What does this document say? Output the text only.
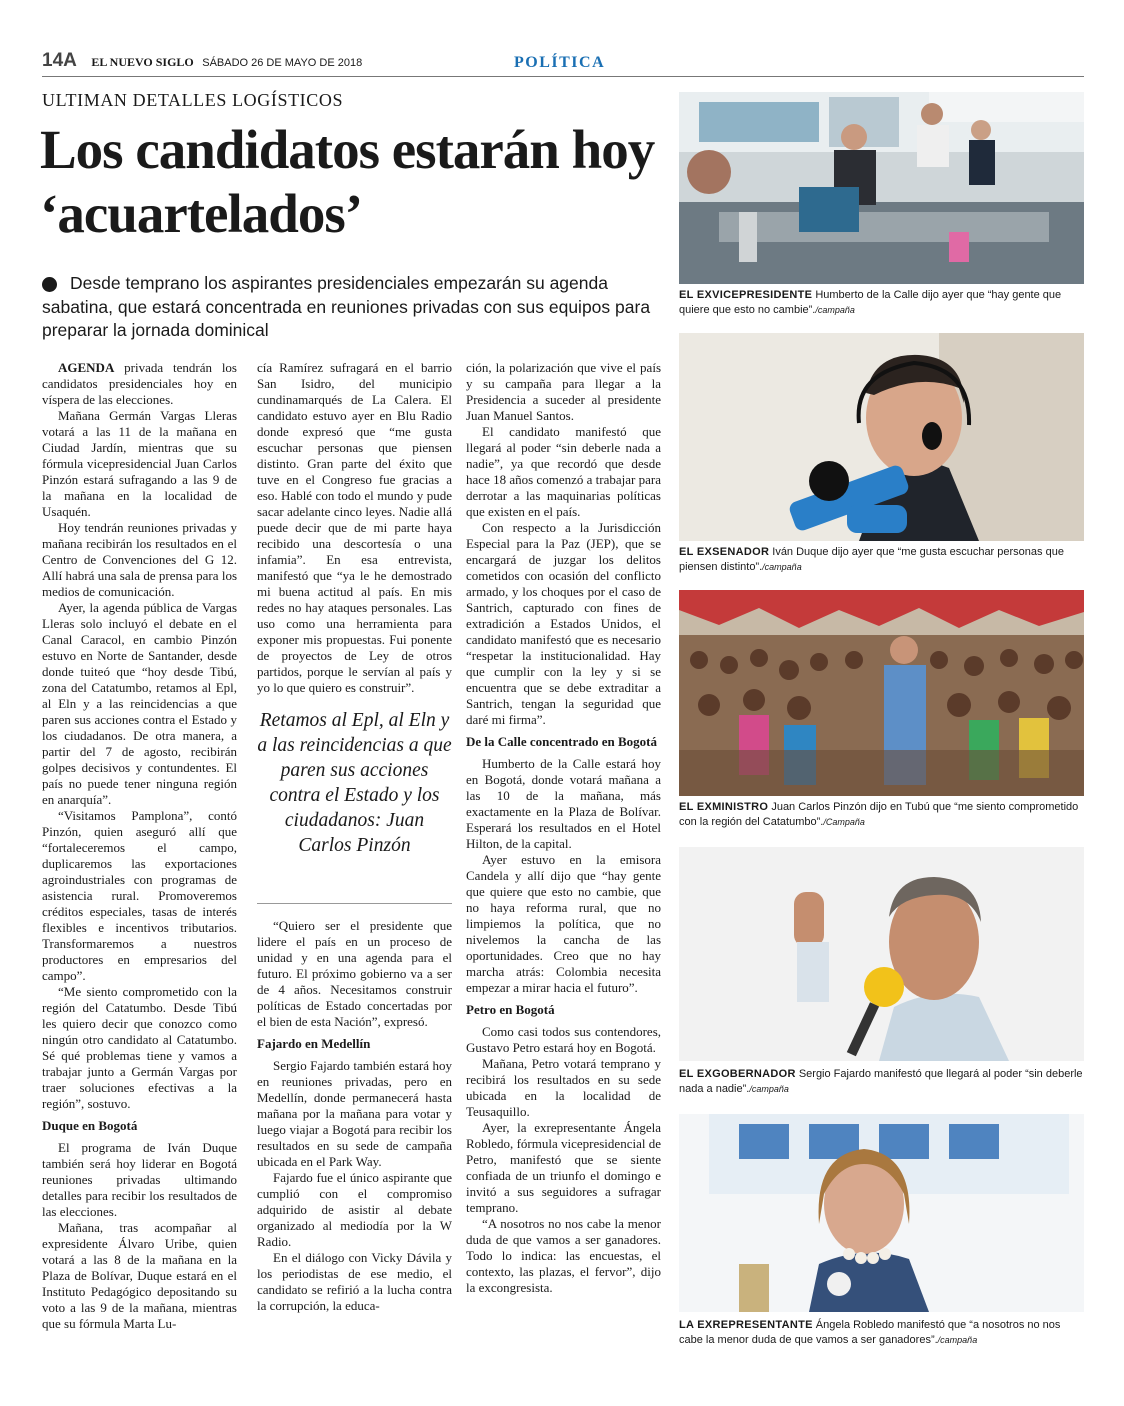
14A EL NUEVO SIGLO SÁBADO 26 DE MAYO DE 2018	POLÍTICA
ULTIMAN DETALLES LOGÍSTICOS
Los candidatos estarán hoy ‘acuartelados’

Desde temprano los aspirantes presidenciales empezarán su agenda sabatina, que estará concentrada en reuniones privadas con sus equipos para preparar la jornada dominical

AGENDA privada tendrán los candidatos presidenciales hoy en víspera de las elecciones.

Mañana Germán Vargas Lleras votará a las 11 de la mañana en Ciudad Jardín, mientras que su fórmula vicepresidencial Juan Carlos Pinzón estará sufragando a las 9 de la mañana en la localidad de Usaquén.

Hoy tendrán reuniones privadas y mañana recibirán los resultados en el Centro de Convenciones del G 12. Allí habrá una sala de prensa para los medios de comunicación.

Ayer, la agenda pública de Vargas Lleras solo incluyó el debate en el Canal Caracol, en cambio Pinzón estuvo en Norte de Santander, desde donde tuiteó que “hoy desde Tibú, zona del Catatumbo, retamos al Epl, al Eln y a las reincidencias a que paren sus acciones contra el Estado y los ciudadanos. De otra manera, a partir del 7 de agosto, recibirán golpes decisivos y contundentes. El país no puede tener ninguna región en anarquía”.

“Visitamos Pamplona”, contó Pinzón, quien aseguró allí que “fortaleceremos el campo, duplicaremos las exportaciones agroindustriales con programas de asistencia rural. Promoveremos créditos especiales, tasas de interés flexibles e incentivos tributarios. Transformaremos a nuestros productores en empresarios del campo”.

“Me siento comprometido con la región del Catatumbo. Desde Tibú les quiero decir que conozco como ningún otro candidato al Catatumbo. Sé qué problemas tiene y vamos a trabajar junto a Germán Vargas por traer soluciones efectivas a la región”, sostuvo.

Duque en Bogotá

El programa de Iván Duque también será hoy liderar en Bogotá reuniones privadas ultimando detalles para recibir los resultados de las elecciones.

Mañana, tras acompañar al expresidente Álvaro Uribe, quien votará a las 8 de la mañana en la Plaza de Bolívar, Duque estará en el Instituto Pedagógico depositando su voto a las 9 de la mañana, mientras que su fórmula Marta Lu-

cía Ramírez sufragará en el barrio San Isidro, del municipio cundinamarqués de La Calera. El candidato estuvo ayer en Blu Radio donde expresó que “me gusta escuchar personas que piensen distinto. Gran parte del éxito que tuve en el Congreso fue gracias a eso. Hablé con todo el mundo y pude sacar adelante cinco leyes. Nadie allá puede decir que de mi parte haya recibido una descortesía o una infamia”. En esa entrevista, manifestó que “ya le he demostrado mi buena actitud al país. En mis redes no hay ataques personales. Las uso como una herramienta para exponer mis propuestas. Fui ponente de proyectos de Ley de otros partidos, porque le servían al país y yo lo que quiero es construir”.

Retamos al Epl, al Eln y a las reincidencias a que paren sus acciones contra el Estado y los ciudadanos: Juan Carlos Pinzón

“Quiero ser el presidente que lidere el país en un proceso de unidad y en una agenda para el futuro. El próximo gobierno va a ser de 4 años. Necesitamos construir políticas de Estado concertadas por el bien de esta Nación”, expresó.

Fajardo en Medellín

Sergio Fajardo también estará hoy en reuniones privadas, pero en Medellín, donde permanecerá hasta mañana por la mañana para votar y luego viajar a Bogotá para recibir los resultados en su sede de campaña ubicada en el Park Way.

Fajardo fue el único aspirante que cumplió con el compromiso adquirido de asistir al debate organizado al mediodía por la W Radio.

En el diálogo con Vicky Dávila y los periodistas de ese medio, el candidato se refirió a la lucha contra la corrupción, la educa-

ción, la polarización que vive el país y su campaña para llegar a la Presidencia a suceder al presidente Juan Manuel Santos.

El candidato manifestó que llegará al poder “sin deberle nada a nadie”, ya que recordó que desde hace 18 años comenzó a trabajar para derrotar a las maquinarias políticas que existen en el país.

Con respecto a la Jurisdicción Especial para la Paz (JEP), que se encargará de juzgar los delitos cometidos con ocasión del conflicto armado, y los choques por el caso de Santrich, capturado con fines de extradición a Estados Unidos, el candidato manifestó que es necesario “respetar la institucionalidad. Hay que cumplir con la ley y si se encuentra que se debe extraditar a Santrich, tengan la seguridad que daré mi firma”.

De la Calle concentrado en Bogotá

Humberto de la Calle estará hoy en Bogotá, donde votará mañana a las 10 de la mañana, más exactamente en la Plaza de Bolívar. Esperará los resultados en el Hotel Hilton, de la capital.

Ayer estuvo en la emisora Candela y allí dijo que “hay gente que quiere que esto no cambie, que no haya reforma rural, que no limpiemos la política, que no nivelemos la cancha de las oportunidades. Creo que no hay marcha atrás: Colombia necesita empezar a mirar hacia el futuro”.

Petro en Bogotá

Como casi todos sus contendores, Gustavo Petro estará hoy en Bogotá.

Mañana, Petro votará temprano y recibirá los resultados en su sede ubicada en la localidad de Teusaquillo.

Ayer, la exrepresentante Ángela Robledo, fórmula vicepresidencial de Petro, manifestó que se siente confiada de un triunfo el domingo e invitó a sus seguidores a sufragar temprano.

“A nosotros no nos cabe la menor duda de que vamos a ser ganadores. Todo lo indica: las encuestas, el contexto, las plazas, el fervor”, dijo la excongresista.

EL EXVICEPRESIDENTE Humberto de la Calle dijo ayer que “hay gente que quiere que esto no cambie”./campaña
EL EXSENADOR Iván Duque dijo ayer que “me gusta escuchar personas que piensen distinto”./campaña
EL EXMINISTRO Juan Carlos Pinzón dijo en Tubú que “me siento comprometido con la región del Catatumbo”./Campaña
EL EXGOBERNADOR Sergio Fajardo manifestó que llegará al poder “sin deberle nada a nadie”./campaña
LA EXREPRESENTANTE Ángela Robledo manifestó que “a nosotros no nos cabe la menor duda de que vamos a ser ganadores”./campaña
